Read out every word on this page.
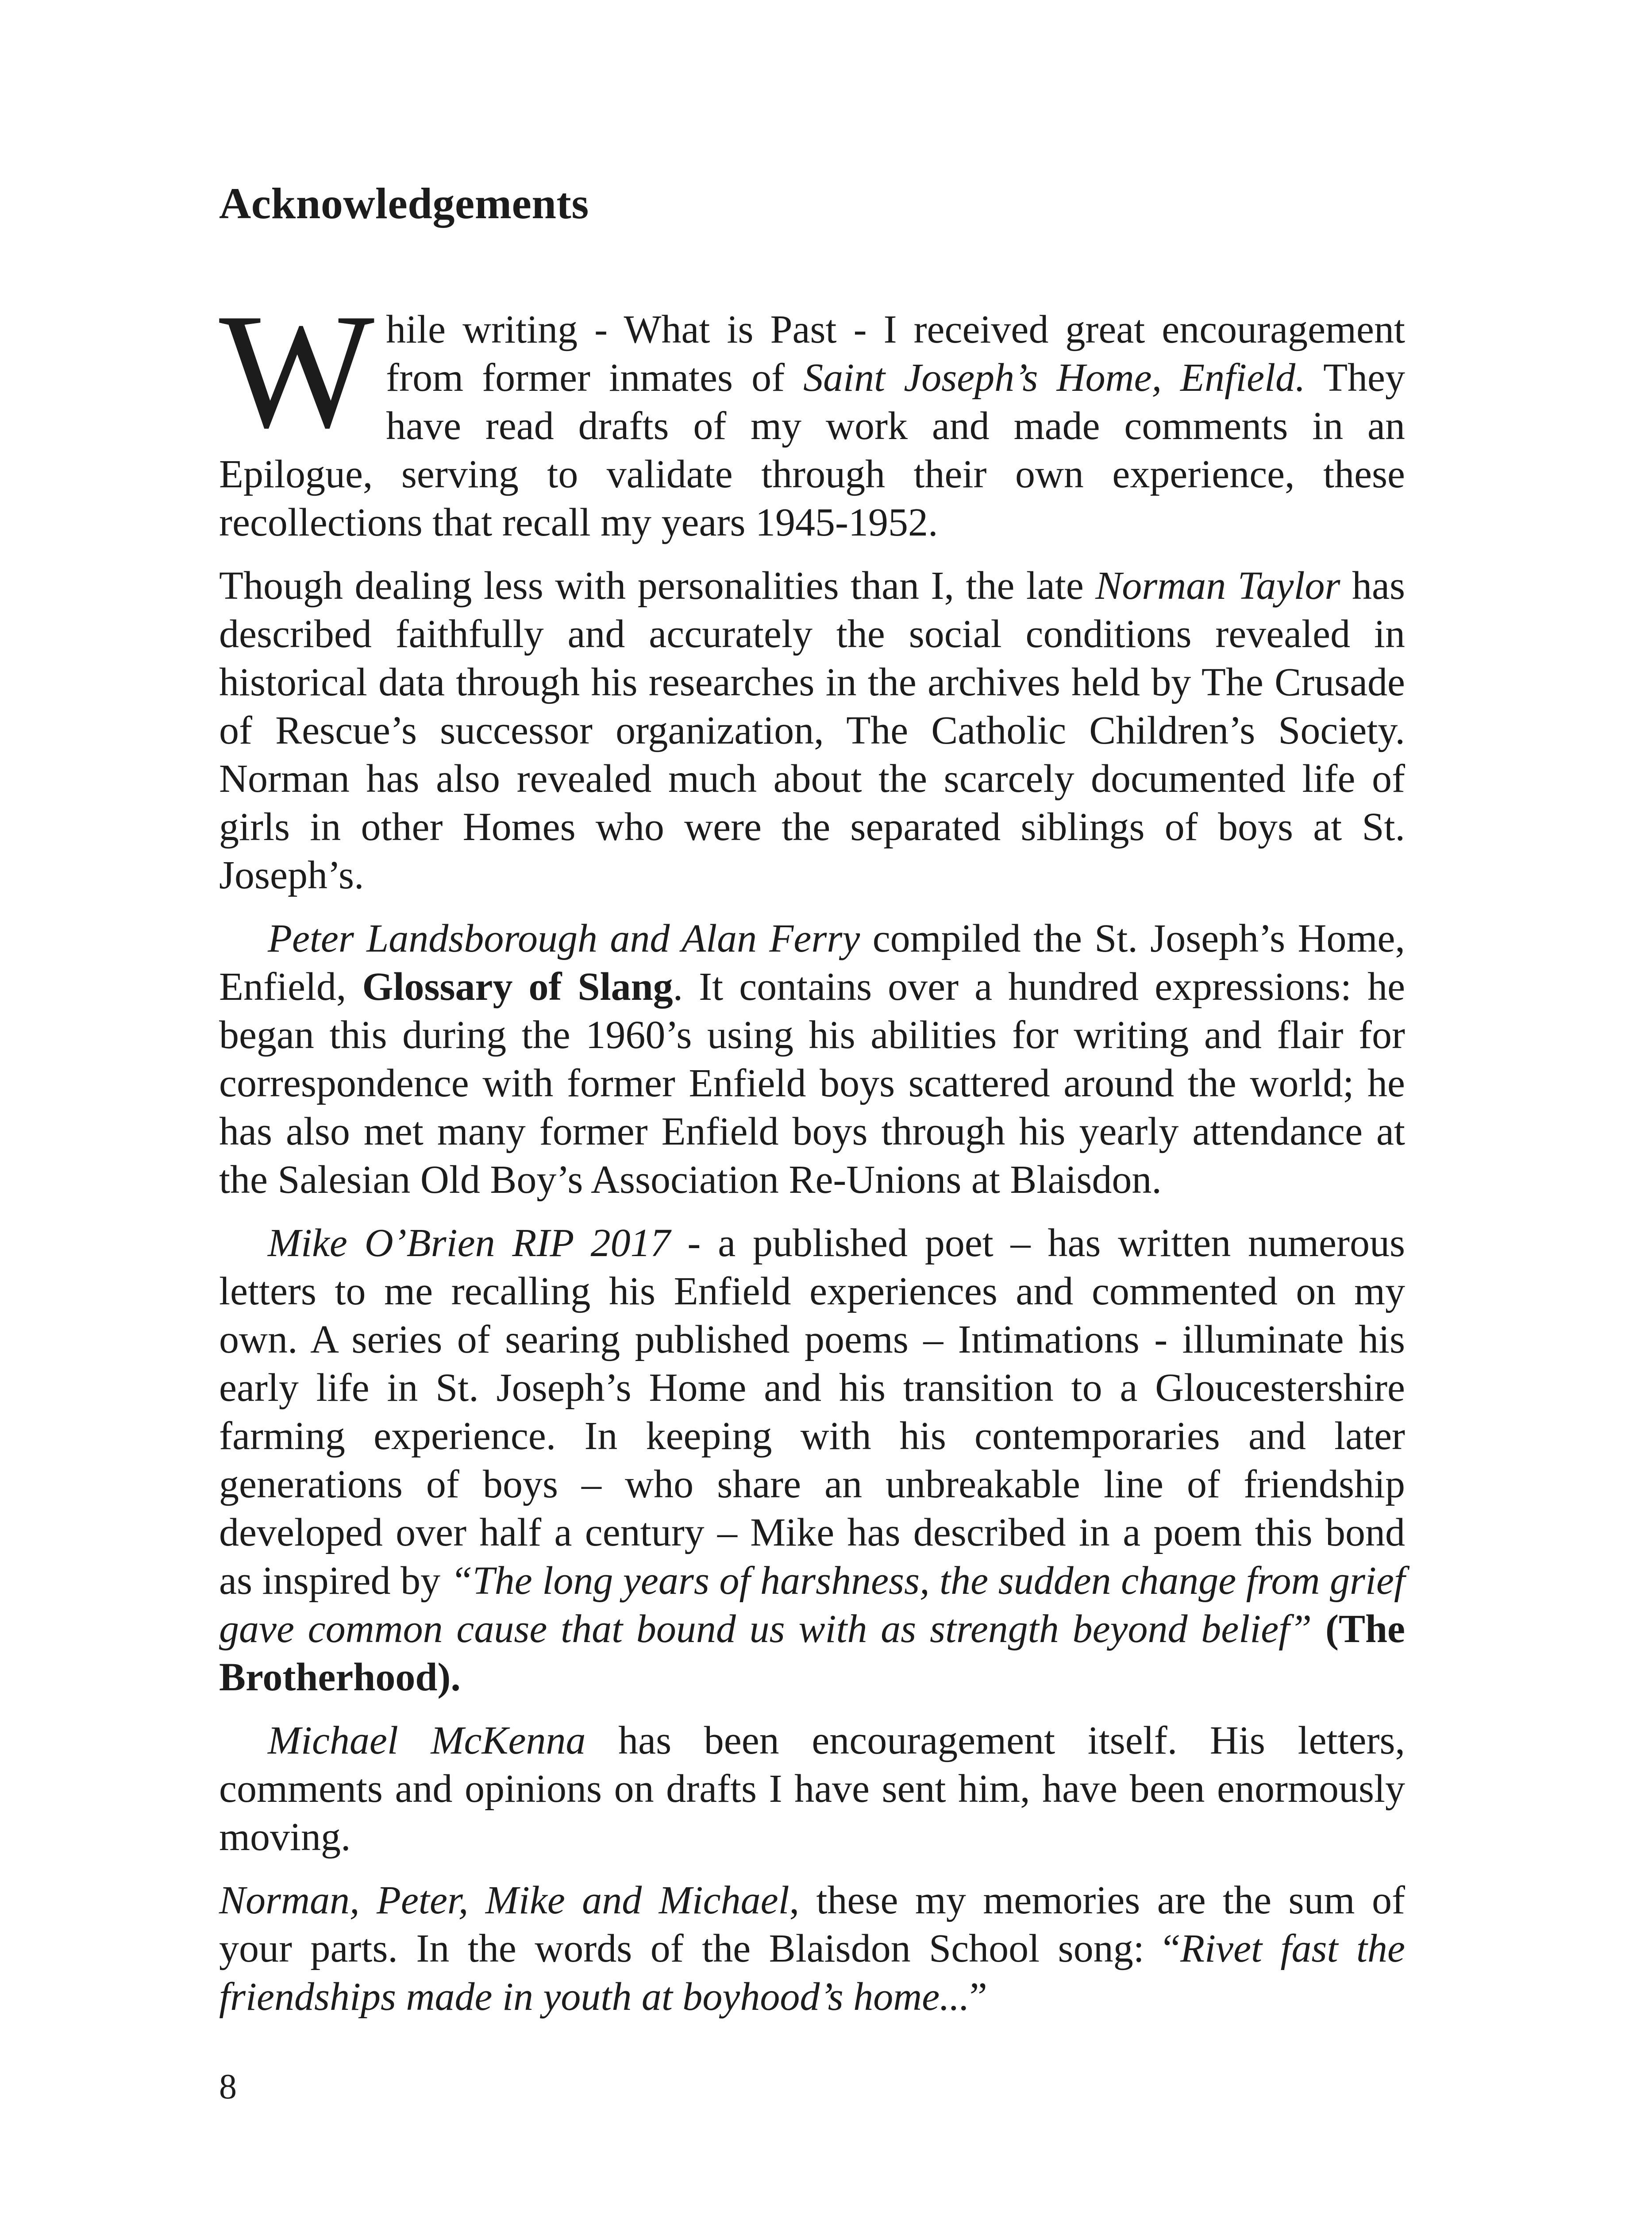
Acknowledgements

While writing - What is Past - I received great encouragement from former inmates of Saint Joseph’s Home, Enfield. They have read drafts of my work and made comments in an Epilogue, serving to validate through their own experience, these recollections that recall my years 1945-1952.

Though dealing less with personalities than I, the late Norman Taylor has described faithfully and accurately the social conditions revealed in historical data through his researches in the archives held by The Crusade of Rescue’s successor organization, The Catholic Children’s Society. Norman has also revealed much about the scarcely documented life of girls in other Homes who were the separated siblings of boys at St. Joseph’s.

Peter Landsborough and Alan Ferry compiled the St. Joseph’s Home, Enfield, Glossary of Slang. It contains over a hundred expressions: he began this during the 1960’s using his abilities for writing and flair for correspondence with former Enfield boys scattered around the world; he has also met many former Enfield boys through his yearly attendance at the Salesian Old Boy’s Association Re-Unions at Blaisdon.

Mike O’Brien RIP 2017 - a published poet – has written numerous letters to me recalling his Enfield experiences and commented on my own. A series of searing published poems – Intimations - illuminate his early life in St. Joseph’s Home and his transition to a Gloucestershire farming experience. In keeping with his contemporaries and later generations of boys – who share an unbreakable line of friendship developed over half a century – Mike has described in a poem this bond as inspired by “The long years of harshness, the sudden change from grief gave common cause that bound us with as strength beyond belief” (The Brotherhood).

Michael McKenna has been encouragement itself. His letters, comments and opinions on drafts I have sent him, have been enormously moving.

Norman, Peter, Mike and Michael, these my memories are the sum of your parts. In the words of the Blaisdon School song: “Rivet fast the friendships made in youth at boyhood’s home...”

8
